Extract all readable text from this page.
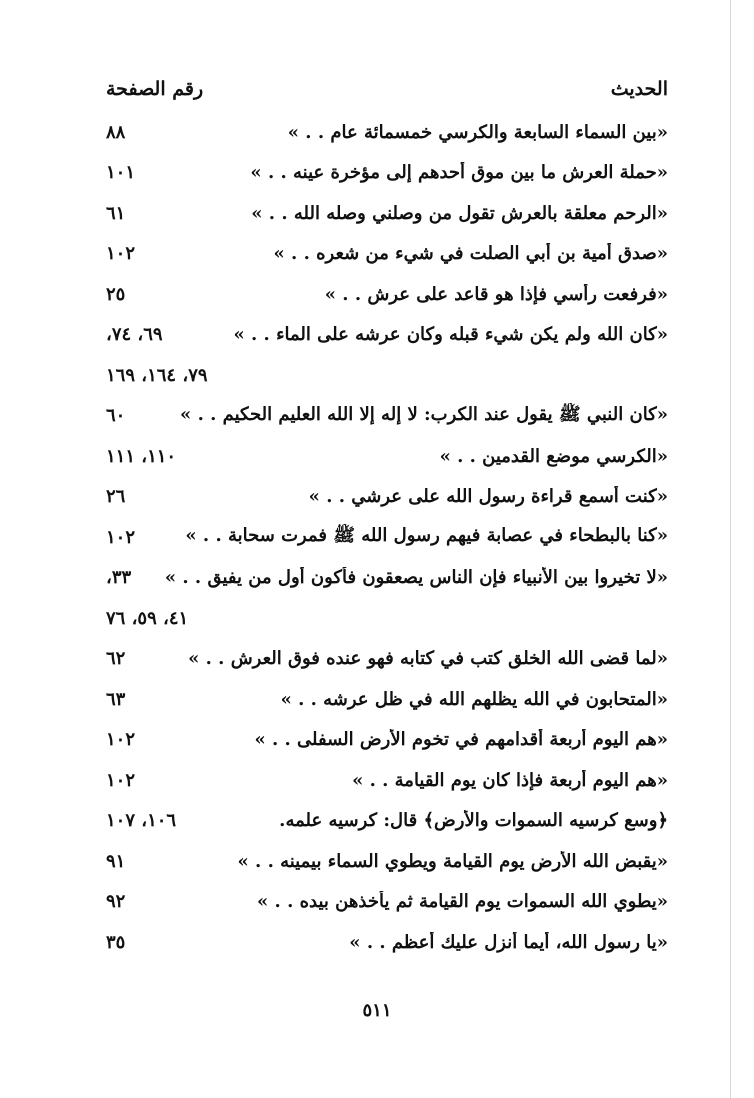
الحديث
رقم الصفحة
«بين السماء السابعة والكرسي خمسمائة عام . . »
٨٨
«حملة العرش ما بين موق أحدهم إلى مؤخرة عينه . . »
١٠١
«الرحم معلقة بالعرش تقول من وصلني وصله الله . . »
٦١
«صدق أمية بن أبي الصلت في شيء من شعره . . »
١٠٢
«فرفعت رأسي فإذا هو قاعد على عرش . . »
٢٥
«كان الله ولم يكن شيء قبله وكان عرشه على الماء . . »
٦٩، ٧٤،
٧٩، ١٦٤، ١٦٩
«كان النبي ﷺ يقول عند الكرب: لا إله إلا الله العليم الحكيم . . »
٦٠
«الكرسي موضع القدمين . . »
١١٠، ١١١
«كنت أسمع قراءة رسول الله على عرشي . . »
٢٦
«كنا بالبطحاء في عصابة فيهم رسول الله ﷺ فمرت سحابة . . »
١٠٢
«لا تخيروا بين الأنبياء فإن الناس يصعقون فأكون أول من يفيق . . »
٣٣،
٤١، ٥٩، ٧٦
«لما قضى الله الخلق كتب في كتابه فهو عنده فوق العرش . . »
٦٢
«المتحابون في الله يظلهم الله في ظل عرشه . . »
٦٣
«هم اليوم أربعة أقدامهم في تخوم الأرض السفلى . . »
١٠٢
«هم اليوم أربعة فإذا كان يوم القيامة . . »
١٠٢
﴿وسع كرسيه السموات والأرض﴾ قال: كرسيه علمه.
١٠٦، ١٠٧
«يقبض الله الأرض يوم القيامة ويطوي السماء بيمينه . . »
٩١
«يطوي الله السموات يوم القيامة ثم يأخذهن بيده . . »
٩٢
«يا رسول الله، أيما أنزل عليك أعظم . . »
٣٥
٥١١
